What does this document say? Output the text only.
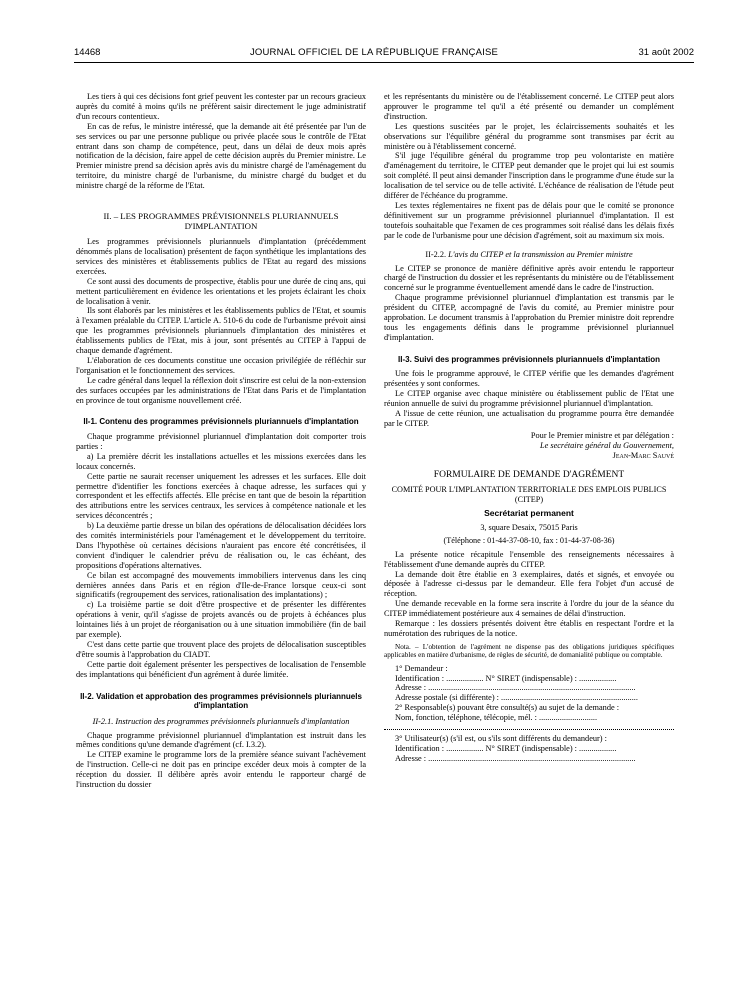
14468	JOURNAL OFFICIEL DE LA RÉPUBLIQUE FRANÇAISE	31 août 2002

Les tiers à qui ces décisions font grief peuvent les contester par un recours gracieux auprès du comité à moins qu'ils ne préfèrent saisir directement le juge administratif d'un recours contentieux.

En cas de refus, le ministre intéressé, que la demande ait été présentée par l'un de ses services ou par une personne publique ou privée placée sous le contrôle de l'Etat entrant dans son champ de compétence, peut, dans un délai de deux mois après notification de la décision, faire appel de cette décision auprès du Premier ministre. Le Premier ministre prend sa décision après avis du ministre chargé de l'aménagement du territoire, du ministre chargé de l'urbanisme, du ministre chargé du budget et du ministre chargé de la réforme de l'Etat.

II. – LES PROGRAMMES PRÉVISIONNELS PLURIANNUELS D'IMPLANTATION

Les programmes prévisionnels pluriannuels d'implantation (précédemment dénommés plans de localisation) présentent de façon synthétique les implantations des services des ministères et établissements publics de l'Etat au regard des missions exercées.

Ce sont aussi des documents de prospective, établis pour une durée de cinq ans, qui mettent particulièrement en évidence les orientations et les projets éclairant les choix de localisation à venir.

Ils sont élaborés par les ministères et les établissements publics de l'Etat, et soumis à l'examen préalable du CITEP. L'article A. 510-6 du code de l'urbanisme prévoit ainsi que les programmes prévisionnels pluriannuels d'implantation des ministères et établissements publics de l'Etat, mis à jour, sont présentés au CITEP à l'appui de chaque demande d'agrément.

L'élaboration de ces documents constitue une occasion privilégiée de réfléchir sur l'organisation et le fonctionnement des services.

Le cadre général dans lequel la réflexion doit s'inscrire est celui de la non-extension des surfaces occupées par les administrations de l'Etat dans Paris et de l'implantation en province de tout organisme nouvellement créé.

II-1. Contenu des programmes prévisionnels pluriannuels d'implantation

Chaque programme prévisionnel pluriannuel d'implantation doit comporter trois parties :

a) La première décrit les installations actuelles et les missions exercées dans les locaux concernés.

Cette partie ne saurait recenser uniquement les adresses et les surfaces. Elle doit permettre d'identifier les fonctions exercées à chaque adresse, les surfaces qui y correspondent et les effectifs affectés. Elle précise en tant que de besoin la répartition des attributions entre les services centraux, les services à compétence nationale et les services déconcentrés ;

b) La deuxième partie dresse un bilan des opérations de délocalisation décidées lors des comités interministériels pour l'aménagement et le développement du territoire. Dans l'hypothèse où certaines décisions n'auraient pas encore été concrétisées, il convient d'indiquer le calendrier prévu de réalisation ou, le cas échéant, des propositions d'opérations alternatives.

Ce bilan est accompagné des mouvements immobiliers intervenus dans les cinq dernières années dans Paris et en région d'Ile-de-France lorsque ceux-ci sont significatifs (regroupement des services, rationalisation des implantations) ;

c) La troisième partie se doit d'être prospective et de présenter les différentes opérations à venir, qu'il s'agisse de projets avancés ou de projets à échéances plus lointaines liés à un projet de réorganisation ou à une situation immobilière (fin de bail par exemple).

C'est dans cette partie que trouvent place des projets de délocalisation susceptibles d'être soumis à l'approbation du CIADT.

Cette partie doit également présenter les perspectives de localisation de l'ensemble des implantations qui bénéficient d'un agrément à durée limitée.

II-2. Validation et approbation des programmes prévisionnels pluriannuels d'implantation
II-2.1. Instruction des programmes prévisionnels pluriannuels d'implantation

Chaque programme prévisionnel pluriannuel d'implantation est instruit dans les mêmes conditions qu'une demande d'agrément (cf. I.3.2).

Le CITEP examine le programme lors de la première séance suivant l'achèvement de l'instruction. Celle-ci ne doit pas en principe excéder deux mois à compter de la réception du dossier. Il délibère après avoir entendu le rapporteur chargé de l'instruction du dossier

et les représentants du ministère ou de l'établissement concerné. Le CITEP peut alors approuver le programme tel qu'il a été présenté ou demander un complément d'instruction.

Les questions suscitées par le projet, les éclaircissements souhaités et les observations sur l'équilibre général du programme sont transmises par écrit au ministère ou à l'établissement concerné.

S'il juge l'équilibre général du programme trop peu volontariste en matière d'aménagement du territoire, le CITEP peut demander que le projet qui lui est soumis soit complété. Il peut ainsi demander l'inscription dans le programme d'une étude sur la localisation de tel service ou de telle activité. L'échéance de réalisation de l'étude peut différer de l'échéance du programme.

Les textes réglementaires ne fixent pas de délais pour que le comité se prononce définitivement sur un programme prévisionnel pluriannuel d'implantation. Il est toutefois souhaitable que l'examen de ces programmes soit réalisé dans les délais fixés par le code de l'urbanisme pour une décision d'agrément, soit au maximum six mois.

II-2.2. L'avis du CITEP et la transmission au Premier ministre

Le CITEP se prononce de manière définitive après avoir entendu le rapporteur chargé de l'instruction du dossier et les représentants du ministère ou de l'établissement concerné sur le programme éventuellement amendé dans le cadre de l'instruction.

Chaque programme prévisionnel pluriannuel d'implantation est transmis par le président du CITEP, accompagné de l'avis du comité, au Premier ministre pour approbation. Le document transmis à l'approbation du Premier ministre doit reprendre tous les engagements définis dans le programme prévisionnel pluriannuel d'implantation.

II-3. Suivi des programmes prévisionnels pluriannuels d'implantation

Une fois le programme approuvé, le CITEP vérifie que les demandes d'agrément présentées y sont conformes.

Le CITEP organise avec chaque ministère ou établissement public de l'Etat une réunion annuelle de suivi du programme prévisionnel pluriannuel d'implantation.

A l'issue de cette réunion, une actualisation du programme pourra être demandée par le CITEP.

Pour le Premier ministre et par délégation :
Le secrétaire général du Gouvernement,
Jean-Marc Sauvé
FORMULAIRE DE DEMANDE D'AGRÉMENT
COMITÉ POUR L'IMPLANTATION TERRITORIALE DES EMPLOIS PUBLICS (CITEP)
Secrétariat permanent
3, square Desaix, 75015 Paris
(Téléphone : 01-44-37-08-10, fax : 01-44-37-08-36)

La présente notice récapitule l'ensemble des renseignements nécessaires à l'établissement d'une demande auprès du CITEP.

La demande doit être établie en 3 exemplaires, datés et signés, et envoyée ou déposée à l'adresse ci-dessus par le demandeur. Elle fera l'objet d'un accusé de réception.

Une demande recevable en la forme sera inscrite à l'ordre du jour de la séance du CITEP immédiatement postérieure aux 4 semaines de délai d'instruction.

Remarque : les dossiers présentés doivent être établis en respectant l'ordre et la numérotation des rubriques de la notice.

Nota. – L'obtention de l'agrément ne dispense pas des obligations juridiques spécifiques applicables en matière d'urbanisme, de règles de sécurité, de domanialité publique ou comptable.

1° Demandeur :

Identification : .................. N° SIRET (indispensable) : ..................

Adresse : ....................................................................................................

Adresse postale (si différente) : ..................................................................

2° Responsable(s) pouvant être consulté(s) au sujet de la demande :

Nom, fonction, téléphone, télécopie, mél. : ............................

3° Utilisateur(s) (s'il est, ou s'ils sont différents du demandeur) :

Identification : .................. N° SIRET (indispensable) : ..................

Adresse : ....................................................................................................
